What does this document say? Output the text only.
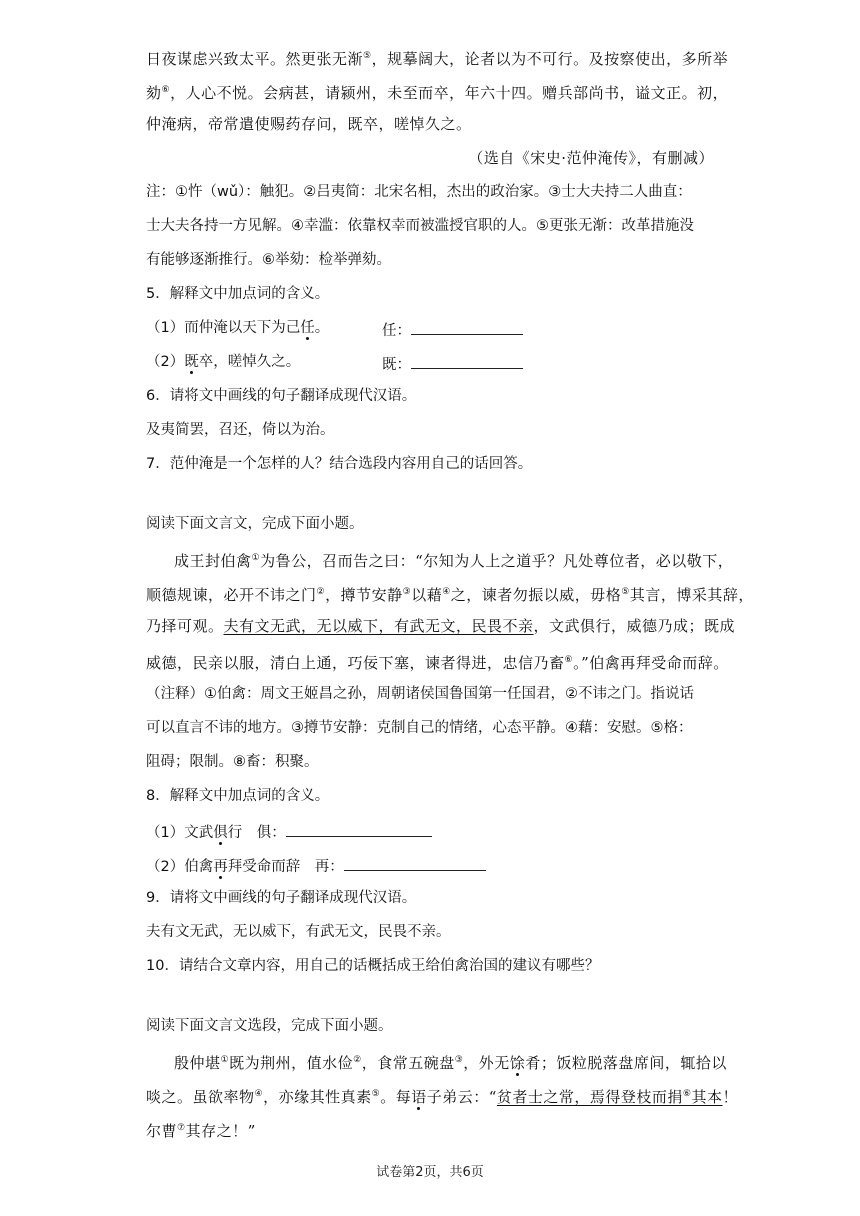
日夜谋虑兴致太平。然更张无渐⑤，规摹阔大，论者以为不可行。及按察使出，多所举
劾⑥，人心不悦。会病甚，请颍州，未至而卒，年六十四。赠兵部尚书，谥文正。初，
仲淹病，帝常遣使赐药存问，既卒，嗟悼久之。
（选自《宋史·范仲淹传》，有删减）
注：①忤（wǔ）：触犯。②吕夷简：北宋名相，杰出的政治家。③士大夫持二人曲直：
士大夫各持一方见解。④幸滥：依靠权幸而被滥授官职的人。⑤更张无渐：改革措施没
有能够逐渐推行。⑥举劾：检举弹劾。
5．解释文中加点词的含义。
（1）而仲淹以天下为己任。	任：
（2）既卒，嗟悼久之。	既：
6．请将文中画线的句子翻译成现代汉语。
及夷简罢，召还，倚以为治。
7．范仲淹是一个怎样的人？结合选段内容用自己的话回答。
阅读下面文言文，完成下面小题。
成王封伯禽①为鲁公，召而告之曰：“尔知为人上之道乎？凡处尊位者，必以敬下，
顺德规谏，必开不讳之门②，撙节安静③以藉④之，谏者勿振以威，毋格⑤其言，博采其辞，
乃择可观。夫有文无武，无以威下，有武无文，民畏不亲，文武俱行，威德乃成；既成
威德，民亲以服，清白上通，巧佞下塞，谏者得进，忠信乃畜⑥。”伯禽再拜受命而辞。
（注释）①伯禽：周文王姬昌之孙，周朝诸侯国鲁国第一任国君，②不讳之门。指说话
可以直言不讳的地方。③撙节安静：克制自己的情绪，心态平静。④藉：安慰。⑤格：
阻碍；限制。⑧畜：积聚。
8．解释文中加点词的含义。
（1）文武俱行　俱：
（2）伯禽再拜受命而辞　再：
9．请将文中画线的句子翻译成现代汉语。
夫有文无武，无以威下，有武无文，民畏不亲。
10．请结合文章内容，用自己的话概括成王给伯禽治国的建议有哪些？
阅读下面文言文选段，完成下面小题。
殷仲堪①既为荆州，值水俭②，食常五碗盘③，外无馀肴；饭粒脱落盘席间，辄拾以
啖之。虽欲率物④，亦缘其性真素⑤。每语子弟云：“贫者士之常，焉得登枝而捐⑥其本！
尔曹⑦其存之！”
试卷第2页，共6页
